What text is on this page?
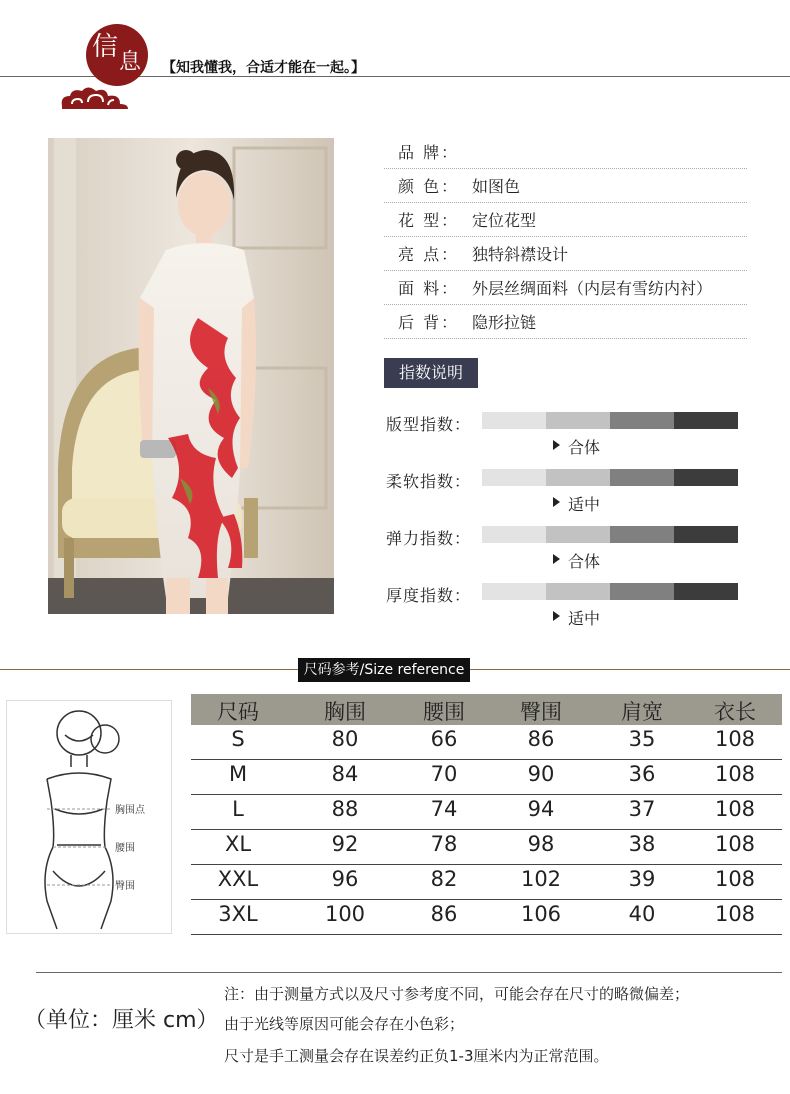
信
息 【知我懂我，合适才能在一起。】
品 牌：
颜 色： 如图色
花 型： 定位花型
亮 点： 独特斜襟设计
面 料： 外层丝绸面料（内层有雪纺内衬）
后 背： 隐形拉链
指数说明
版型指数：
合体
柔软指数：
适中
弹力指数：
合体
厚度指数：
适中
尺码参考/Size reference
胸围点
腰围
臀围
尺码	胸围	腰围	臀围	肩宽	衣长
S	80	66	86	35	108
M	84	70	90	36	108
L	88	74	94	37	108
XL	92	78	98	38	108
XXL	96	82	102	39	108
3XL	100	86	106	40	108
（单位：厘米 cm）
注：由于测量方式以及尺寸参考度不同，可能会存在尺寸的略微偏差；
由于光线等原因可能会存在小色彩；
尺寸是手工测量会存在误差约正负1-3厘米内为正常范围。
